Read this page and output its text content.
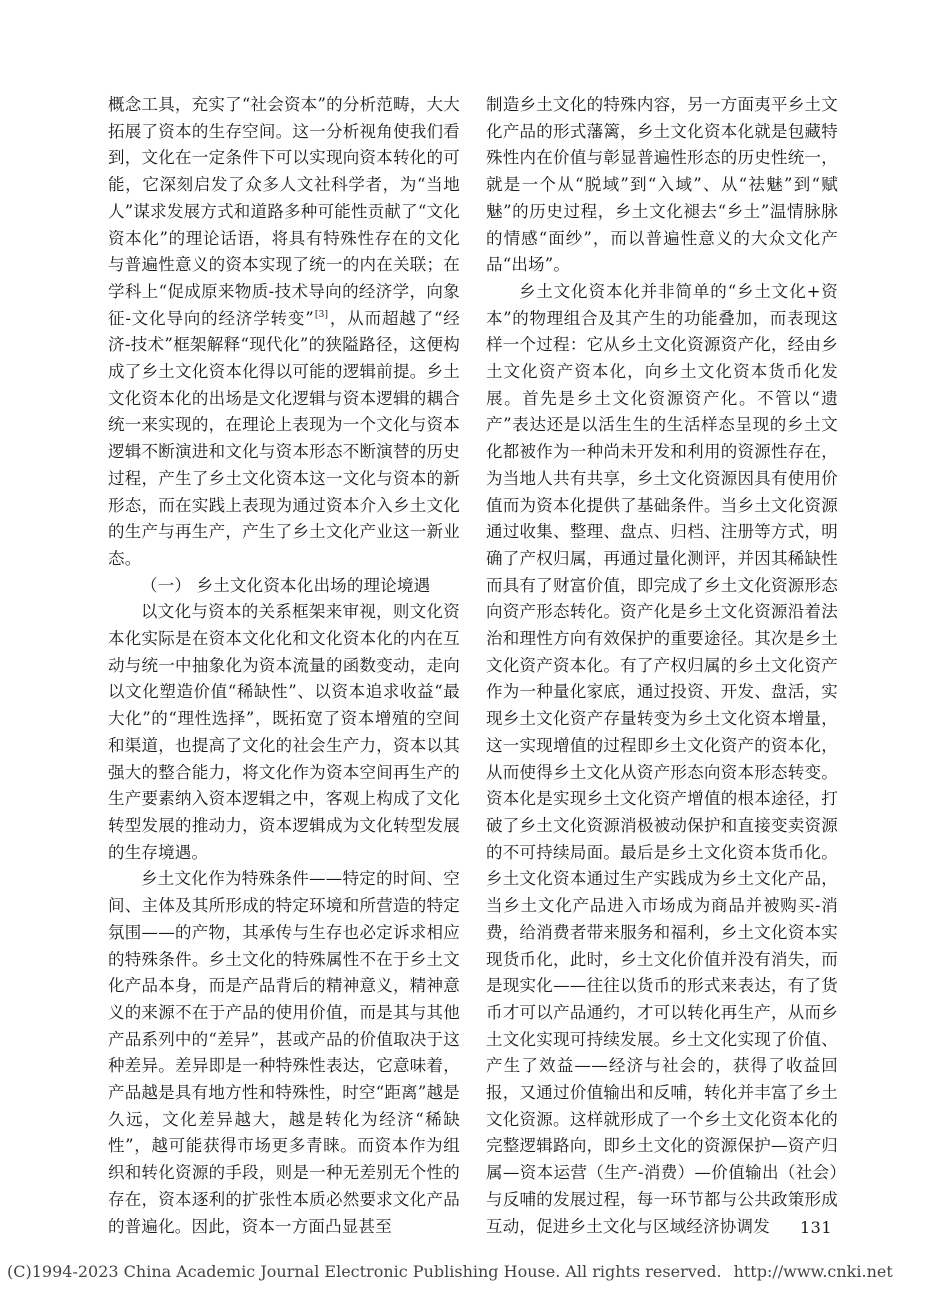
概念工具，充实了“社会资本”的分析范畴，大大拓展了资本的生存空间。这一分析视角使我们看到，文化在一定条件下可以实现向资本转化的可能，它深刻启发了众多人文社科学者，为“当地人”谋求发展方式和道路多种可能性贡献了“文化资本化”的理论话语，将具有特殊性存在的文化与普遍性意义的资本实现了统一的内在关联；在学科上“促成原来物质-技术导向的经济学，向象征-文化导向的经济学转变”[3]，从而超越了“经济-技术”框架解释“现代化”的狭隘路径，这便构成了乡土文化资本化得以可能的逻辑前提。乡土文化资本化的出场是文化逻辑与资本逻辑的耦合统一来实现的，在理论上表现为一个文化与资本逻辑不断演进和文化与资本形态不断演替的历史过程，产生了乡土文化资本这一文化与资本的新形态，而在实践上表现为通过资本介入乡土文化的生产与再生产，产生了乡土文化产业这一新业态。

（一） 乡土文化资本化出场的理论境遇

以文化与资本的关系框架来审视，则文化资本化实际是在资本文化化和文化资本化的内在互动与统一中抽象化为资本流量的函数变动，走向以文化塑造价值“稀缺性”、以资本追求收益“最大化”的“理性选择”，既拓宽了资本增殖的空间和渠道，也提高了文化的社会生产力，资本以其强大的整合能力，将文化作为资本空间再生产的生产要素纳入资本逻辑之中，客观上构成了文化转型发展的推动力，资本逻辑成为文化转型发展的生存境遇。

乡土文化作为特殊条件——特定的时间、空间、主体及其所形成的特定环境和所营造的特定氛围——的产物，其承传与生存也必定诉求相应的特殊条件。乡土文化的特殊属性不在于乡土文化产品本身，而是产品背后的精神意义，精神意义的来源不在于产品的使用价值，而是其与其他产品系列中的“差异”，甚或产品的价值取决于这种差异。差异即是一种特殊性表达，它意味着，产品越是具有地方性和特殊性，时空“距离”越是久远，文化差异越大，越是转化为经济“稀缺性”，越可能获得市场更多青睐。而资本作为组织和转化资源的手段，则是一种无差别无个性的存在，资本逐利的扩张性本质必然要求文化产品的普遍化。因此，资本一方面凸显甚至

制造乡土文化的特殊内容，另一方面夷平乡土文化产品的形式藩篱，乡土文化资本化就是包藏特殊性内在价值与彰显普遍性形态的历史性统一，就是一个从“脱域”到“入域”、从“祛魅”到“赋魅”的历史过程，乡土文化褪去“乡土”温情脉脉的情感“面纱”，而以普遍性意义的大众文化产品“出场”。

乡土文化资本化并非简单的“乡土文化+资本”的物理组合及其产生的功能叠加，而表现这样一个过程：它从乡土文化资源资产化，经由乡土文化资产资本化，向乡土文化资本货币化发展。首先是乡土文化资源资产化。不管以“遗产”表达还是以活生生的生活样态呈现的乡土文化都被作为一种尚未开发和利用的资源性存在，为当地人共有共享，乡土文化资源因具有使用价值而为资本化提供了基础条件。当乡土文化资源通过收集、整理、盘点、归档、注册等方式，明确了产权归属，再通过量化测评，并因其稀缺性而具有了财富价值，即完成了乡土文化资源形态向资产形态转化。资产化是乡土文化资源沿着法治和理性方向有效保护的重要途径。其次是乡土文化资产资本化。有了产权归属的乡土文化资产作为一种量化家底，通过投资、开发、盘活，实现乡土文化资产存量转变为乡土文化资本增量，这一实现增值的过程即乡土文化资产的资本化，从而使得乡土文化从资产形态向资本形态转变。资本化是实现乡土文化资产增值的根本途径，打破了乡土文化资源消极被动保护和直接变卖资源的不可持续局面。最后是乡土文化资本货币化。乡土文化资本通过生产实践成为乡土文化产品，当乡土文化产品进入市场成为商品并被购买-消费，给消费者带来服务和福利，乡土文化资本实现货币化，此时，乡土文化价值并没有消失，而是现实化——往往以货币的形式来表达，有了货币才可以产品通约，才可以转化再生产，从而乡土文化实现可持续发展。乡土文化实现了价值、产生了效益——经济与社会的，获得了收益回报，又通过价值输出和反哺，转化并丰富了乡土文化资源。这样就形成了一个乡土文化资本化的完整逻辑路向，即乡土文化的资源保护—资产归属—资本运营（生产-消费）—价值输出（社会）与反哺的发展过程，每一环节都与公共政策形成互动，促进乡土文化与区域经济协调发	131
(C)1994-2023 China Academic Journal Electronic Publishing House. All rights reserved. http://www.cnki.net
